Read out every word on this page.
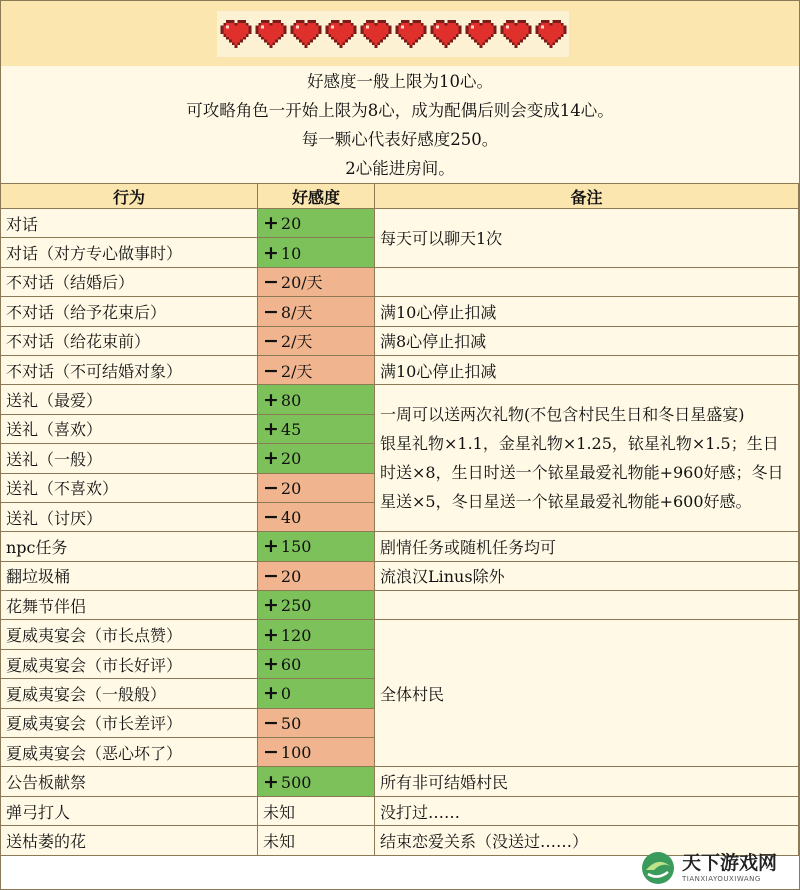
好感度一般上限为10心。
可攻略角色一开始上限为8心，成为配偶后则会变成14心。
每一颗心代表好感度250。
2心能进房间。
行为	好感度	备注
对话	+ 20	每天可以聊天1次
对话（对方专心做事时）	+ 10	
不对话（结婚后）	− 20/天	
不对话（给予花束后）	− 8/天	满10心停止扣减
不对话（给花束前）	− 2/天	满8心停止扣减
不对话（不可结婚对象）	− 2/天	满10心停止扣减
送礼（最爱）	+ 80	一周可以送两次礼物(不包含村民生日和冬日星盛宴)
银星礼物×1.1，金星礼物×1.25，铱星礼物×1.5；生日时送×8，生日时送一个铱星最爱礼物能+960好感；冬日星送×5，冬日星送一个铱星最爱礼物能+600好感。
送礼（喜欢）	+ 45	
送礼（一般）	+ 20	
送礼（不喜欢）	− 20	
送礼（讨厌）	− 40	
npc任务	+ 150	剧情任务或随机任务均可
翻垃圾桶	− 20	流浪汉Linus除外
花舞节伴侣	+ 250	
夏威夷宴会（市长点赞）	+ 120	全体村民
夏威夷宴会（市长好评）	+ 60	
夏威夷宴会（一般般）	+ 0	
夏威夷宴会（市长差评）	− 50	
夏威夷宴会（恶心坏了）	− 100	
公告板献祭	+ 500	所有非可结婚村民
弹弓打人	未知	没打过……
送枯萎的花	未知	结束恋爱关系（没送过……）
天下游戏网
TIANXIAYOUXIWANG
